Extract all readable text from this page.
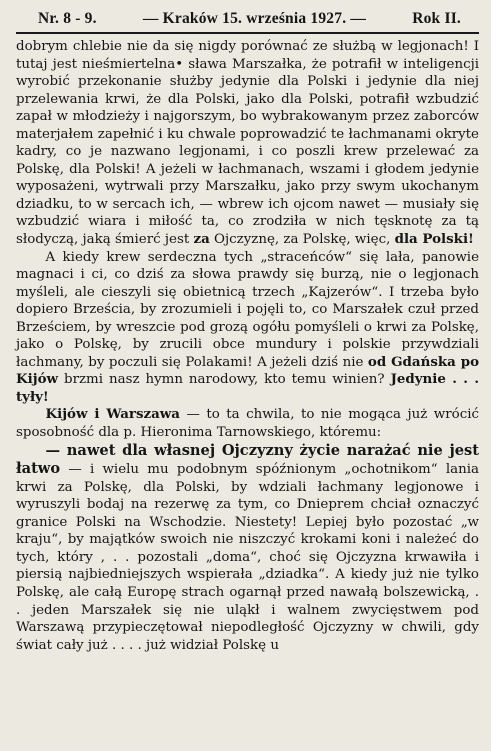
Nr. 8 - 9.	— Kraków 15. września 1927. —	Rok II.

dobrym chlebie nie da się nigdy porównać ze służbą w legjonach! I tutaj jest nieśmiertelna• sława Marszałka, że potrafił w inteligencji wyrobić przekonanie służby jedynie dla Polski i jedynie dla niej przelewania krwi, że dla Polski, jako dla Polski, potrafił wzbudzić zapał w młodzieży i najgorszym, bo wybrakowanym przez zaborców materjałem zapełnić i ku chwale poprowadzić te łachmanami okryte kadry, co je nazwano legjonami, i co poszli krew przelewać za Polskę, dla Polski! A jeżeli w łachmanach, wszami i głodem jedynie wyposażeni, wytrwali przy Marszałku, jako przy swym ukochanym dziadku, to w sercach ich, — wbrew ich ojcom nawet — musiały się wzbudzić wiara i miłość ta, co zrodziła w nich tęsknotę za tą słodyczą, jaką śmierć jest za Ojczyznę, za Polskę, więc, dla Polski!

A kiedy krew serdeczna tych „straceńców“ się lała, panowie magnaci i ci, co dziś za słowa prawdy się burzą, nie o legjonach myśleli, ale cieszyli się obietnicą trzech „Kajzerów“. I trzeba było dopiero Brześcia, by zrozumieli i pojęli to, co Marszałek czuł przed Brześciem, by wreszcie pod grozą ogółu pomyśleli o krwi za Polskę, jako o Polskę, by zrucili obce mundury i polskie przywdziali łachmany, by poczuli się Polakami! A jeżeli dziś nie od Gdańska po Kijów brzmi nasz hymn narodowy, kto temu winien? Jedynie . . . tyły!

Kijów i Warszawa — to ta chwila, to nie mogąca już wrócić sposobność dla p. Hieronima Tarnowskiego, któremu:

— nawet dla własnej Ojczyzny życie narażać nie jest łatwo — i wielu mu podobnym spóźnionym „ochotnikom“ lania krwi za Polskę, dla Polski, by wdziali łachmany legjonowe i wyruszyli bodaj na rezerwę za tym, co Dnieprem chciał oznaczyć granice Polski na Wschodzie. Niestety! Lepiej było pozostać „w kraju“, by majątków swoich nie niszczyć krokami koni i należeć do tych, który , . . pozostali „doma“, choć się Ojczyzna krwawiła i piersią najbiedniejszych wspierała „dziadka“. A kiedy już nie tylko Polskę, ale całą Europę strach ogarnął przed nawałą bolszewicką, . . jeden Marszałek się nie uląkł i walnem zwycięstwem pod Warszawą przypieczętował niepodległość Ojczyzny w chwili, gdy świat cały już . . . . już widział Polskę u
